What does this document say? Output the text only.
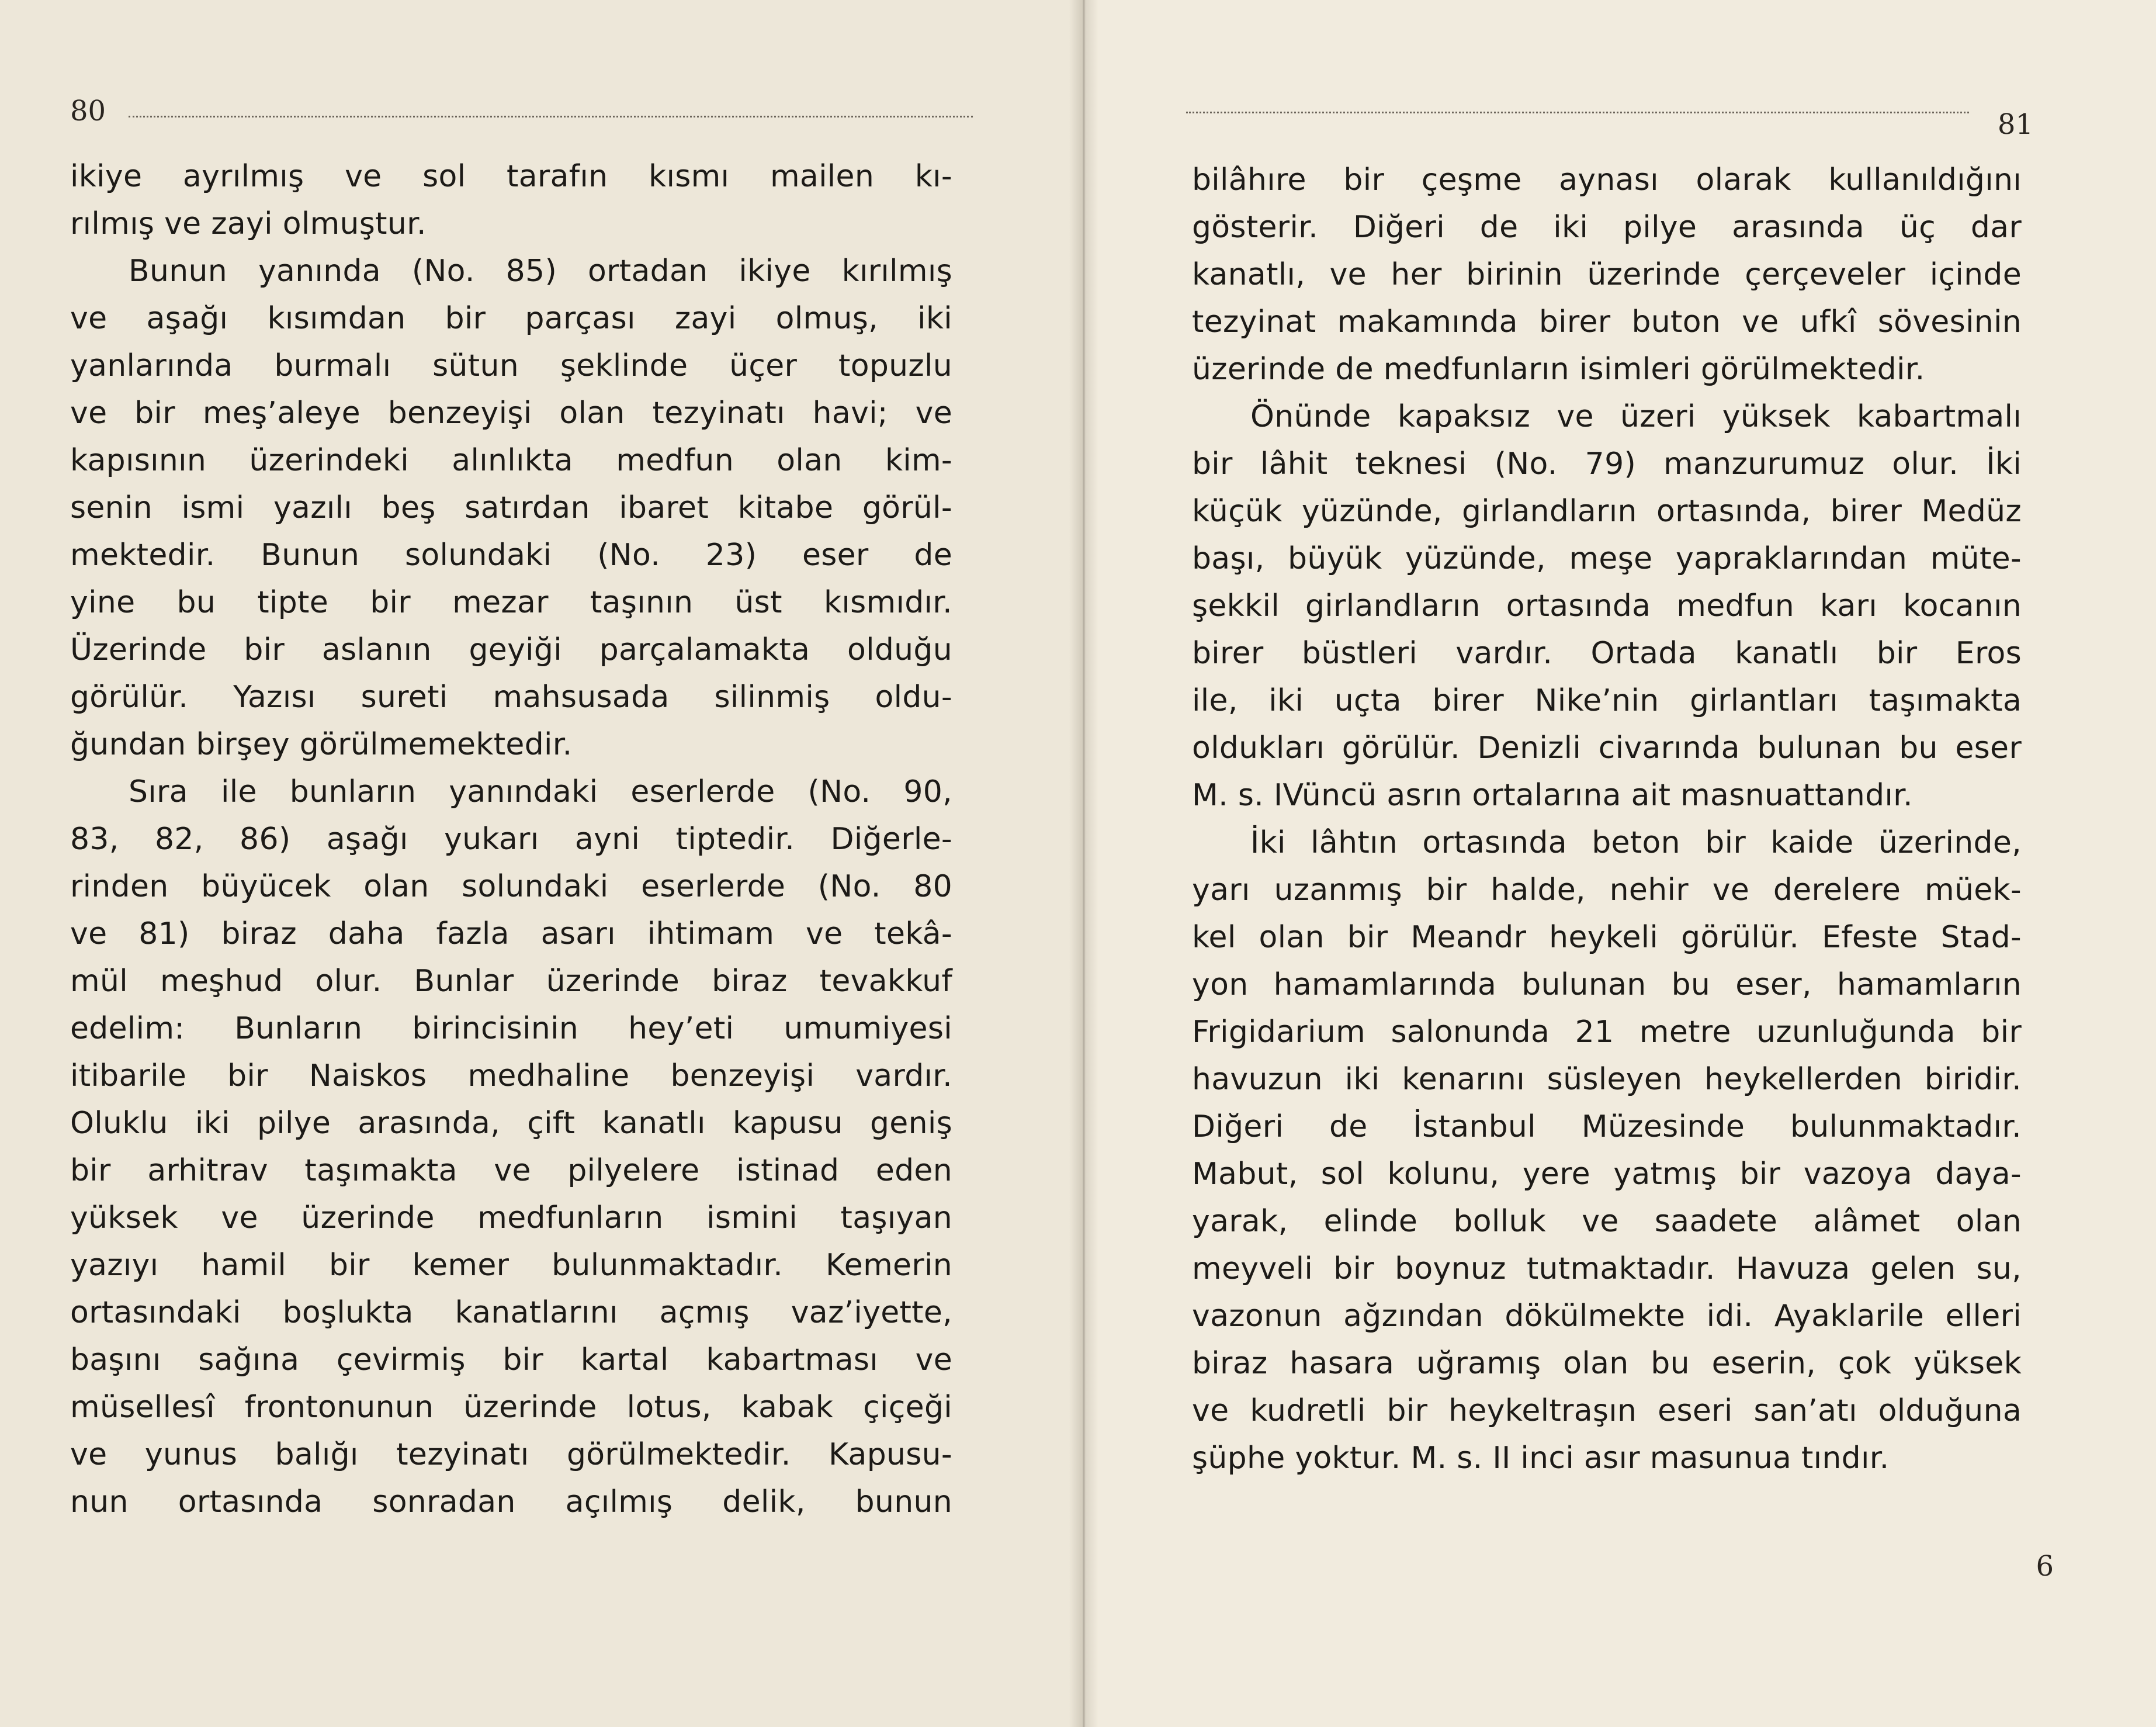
80
ikiye ayrılmış ve sol tarafın kısmı mailen kı-
rılmış ve zayi olmuştur.
Bunun yanında (No. 85) ortadan ikiye kırılmış
ve aşağı kısımdan bir parçası zayi olmuş, iki
yanlarında burmalı sütun şeklinde üçer topuzlu
ve bir meş’aleye benzeyişi olan tezyinatı havi; ve
kapısının üzerindeki alınlıkta medfun olan kim-
senin ismi yazılı beş satırdan ibaret kitabe görül-
mektedir. Bunun solundaki (No. 23) eser de
yine bu tipte bir mezar taşının üst kısmıdır.
Üzerinde bir aslanın geyiği parçalamakta olduğu
görülür. Yazısı sureti mahsusada silinmiş oldu-
ğundan birşey görülmemektedir.
Sıra ile bunların yanındaki eserlerde (No. 90,
83, 82, 86) aşağı yukarı ayni tiptedir. Diğerle-
rinden büyücek olan solundaki eserlerde (No. 80
ve 81) biraz daha fazla asarı ihtimam ve tekâ-
mül meşhud olur. Bunlar üzerinde biraz tevakkuf
edelim: Bunların birincisinin hey’eti umumiyesi
itibarile bir Naiskos medhaline benzeyişi vardır.
Oluklu iki pilye arasında, çift kanatlı kapusu geniş
bir arhitrav taşımakta ve pilyelere istinad eden
yüksek ve üzerinde medfunların ismini taşıyan
yazıyı hamil bir kemer bulunmaktadır. Kemerin
ortasındaki boşlukta kanatlarını açmış vaz’iyette,
başını sağına çevirmiş bir kartal kabartması ve
müsellesî frontonunun üzerinde lotus, kabak çiçeği
ve yunus balığı tezyinatı görülmektedir. Kapusu-
nun ortasında sonradan açılmış delik, bunun
81
bilâhıre bir çeşme aynası olarak kullanıldığını
gösterir. Diğeri de iki pilye arasında üç dar
kanatlı, ve her birinin üzerinde çerçeveler içinde
tezyinat makamında birer buton ve ufkî sövesinin
üzerinde de medfunların isimleri görülmektedir.
Önünde kapaksız ve üzeri yüksek kabartmalı
bir lâhit teknesi (No. 79) manzurumuz olur. İki
küçük yüzünde, girlandların ortasında, birer Medüz
başı, büyük yüzünde, meşe yapraklarından müte-
şekkil girlandların ortasında medfun karı kocanın
birer büstleri vardır. Ortada kanatlı bir Eros
ile, iki uçta birer Nike’nin girlantları taşımakta
oldukları görülür. Denizli civarında bulunan bu eser
M. s. IVüncü asrın ortalarına ait masnuattandır.
İki lâhtın ortasında beton bir kaide üzerinde,
yarı uzanmış bir halde, nehir ve derelere müek-
kel olan bir Meandr heykeli görülür. Efeste Stad-
yon hamamlarında bulunan bu eser, hamamların
Frigidarium salonunda 21 metre uzunluğunda bir
havuzun iki kenarını süsleyen heykellerden biridir.
Diğeri de İstanbul Müzesinde bulunmaktadır.
Mabut, sol kolunu, yere yatmış bir vazoya daya-
yarak, elinde bolluk ve saadete alâmet olan
meyveli bir boynuz tutmaktadır. Havuza gelen su,
vazonun ağzından dökülmekte idi. Ayaklarile elleri
biraz hasara uğramış olan bu eserin, çok yüksek
ve kudretli bir heykeltraşın eseri san’atı olduğuna
şüphe yoktur. M. s. II inci asır masunua tındır.
6
